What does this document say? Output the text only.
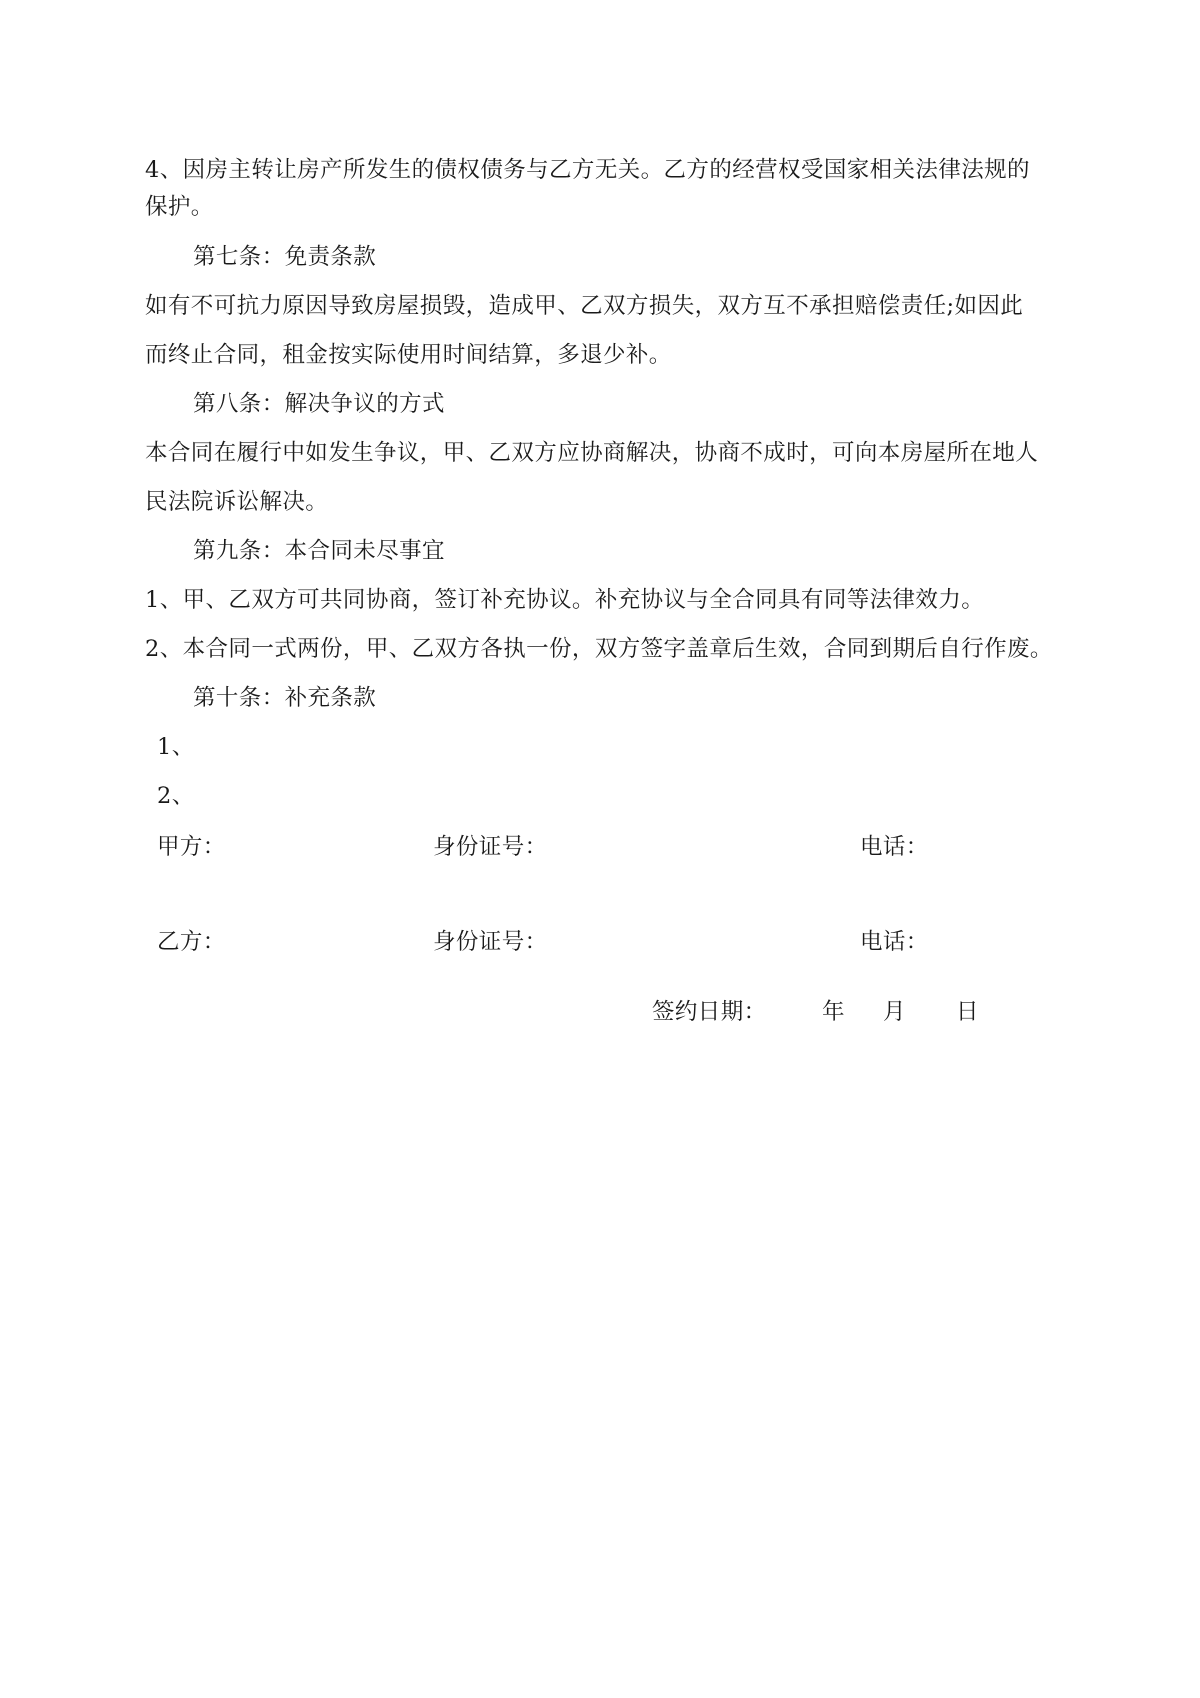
4、因房主转让房产所发生的债权债务与乙方无关。乙方的经营权受国家相关法律法规的
保护。
第七条：免责条款
如有不可抗力原因导致房屋损毁，造成甲、乙双方损失，双方互不承担赔偿责任;如因此
而终止合同，租金按实际使用时间结算，多退少补。
第八条：解决争议的方式
本合同在履行中如发生争议，甲、乙双方应协商解决，协商不成时，可向本房屋所在地人
民法院诉讼解决。
第九条：本合同未尽事宜
1、甲、乙双方可共同协商，签订补充协议。补充协议与全合同具有同等法律效力。
2、本合同一式两份，甲、乙双方各执一份，双方签字盖章后生效，合同到期后自行作废。
第十条：补充条款
1、
2、
甲方：	身份证号：	电话：
乙方：	身份证号：	电话：
签约日期： 年 月 日
